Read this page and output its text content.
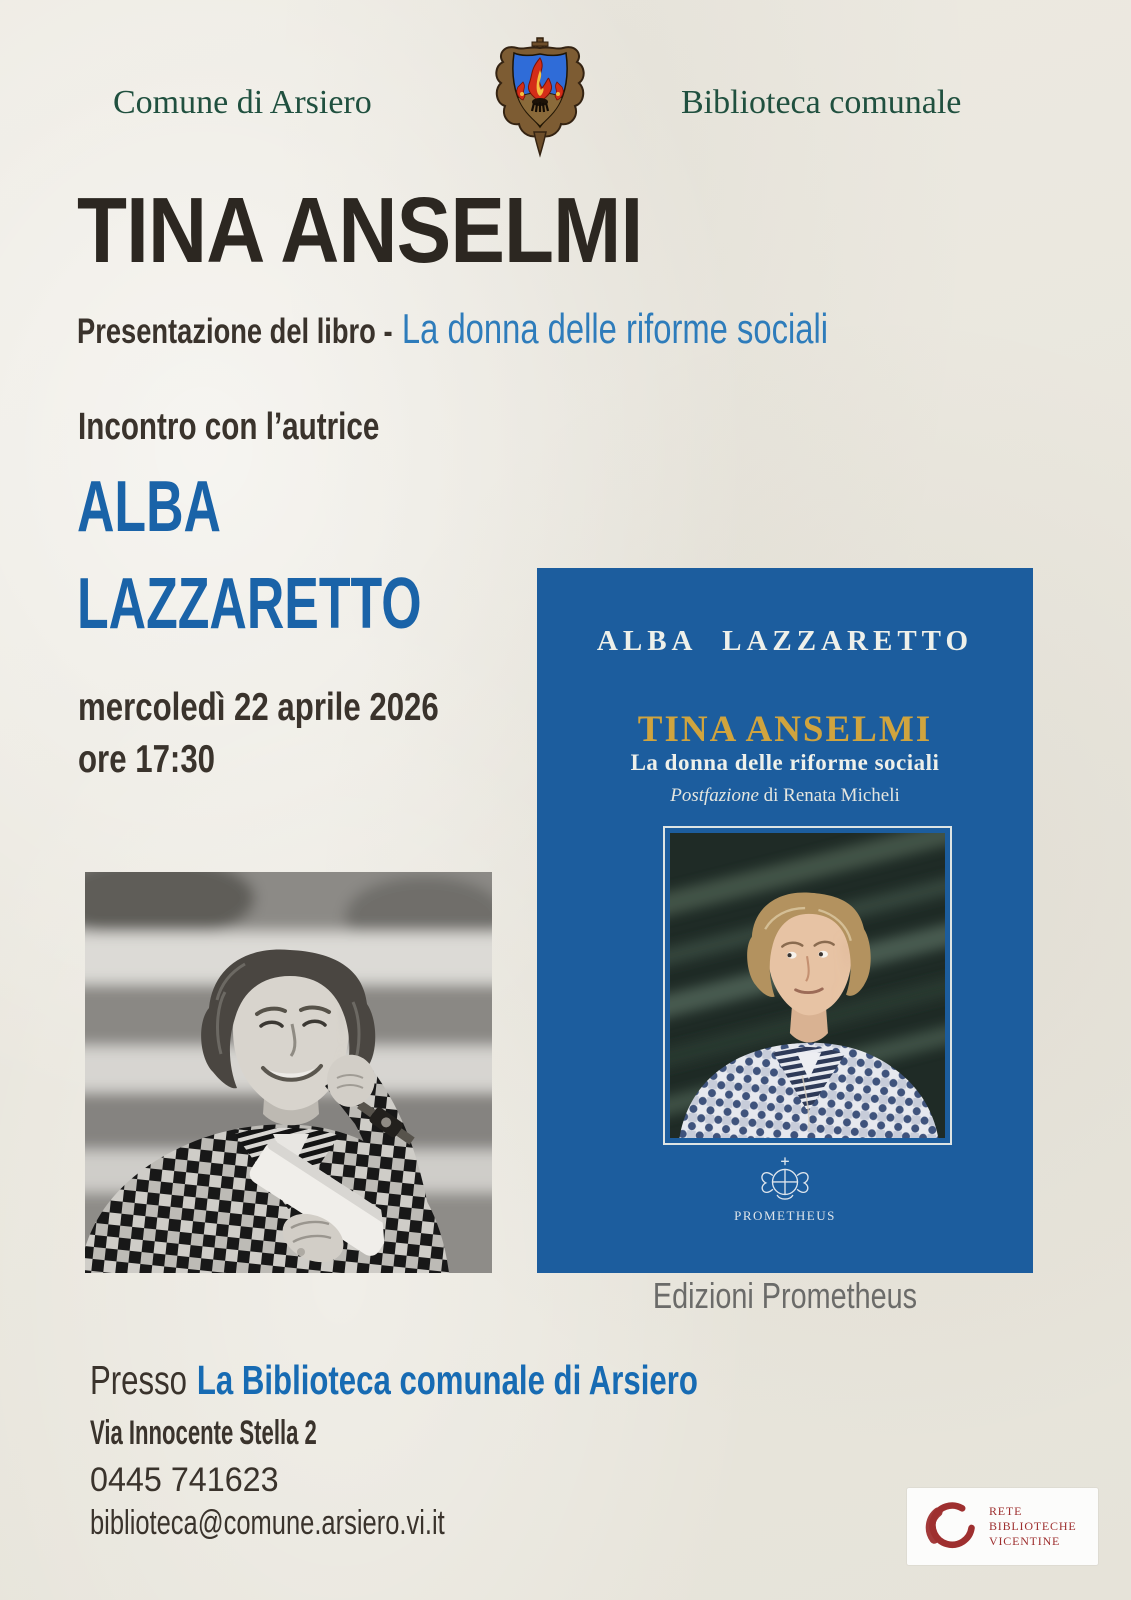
Comune di Arsiero	Biblioteca comunale
TINA ANSELMI
Presentazione del libro - La donna delle riforme sociali
Incontro con l’autrice
ALBA
LAZZARETTO
mercoledì 22 aprile 2026
ore 17:30
ALBA LAZZARETTO
TINA ANSELMI
La donna delle riforme sociali
Postfazione di Renata Micheli
PROMETHEUS
Edizioni Prometheus
Presso La Biblioteca comunale di Arsiero
Via Innocente Stella 2
0445 741623
biblioteca@comune.arsiero.vi.it	RETE
BIBLIOTECHE
VICENTINE
